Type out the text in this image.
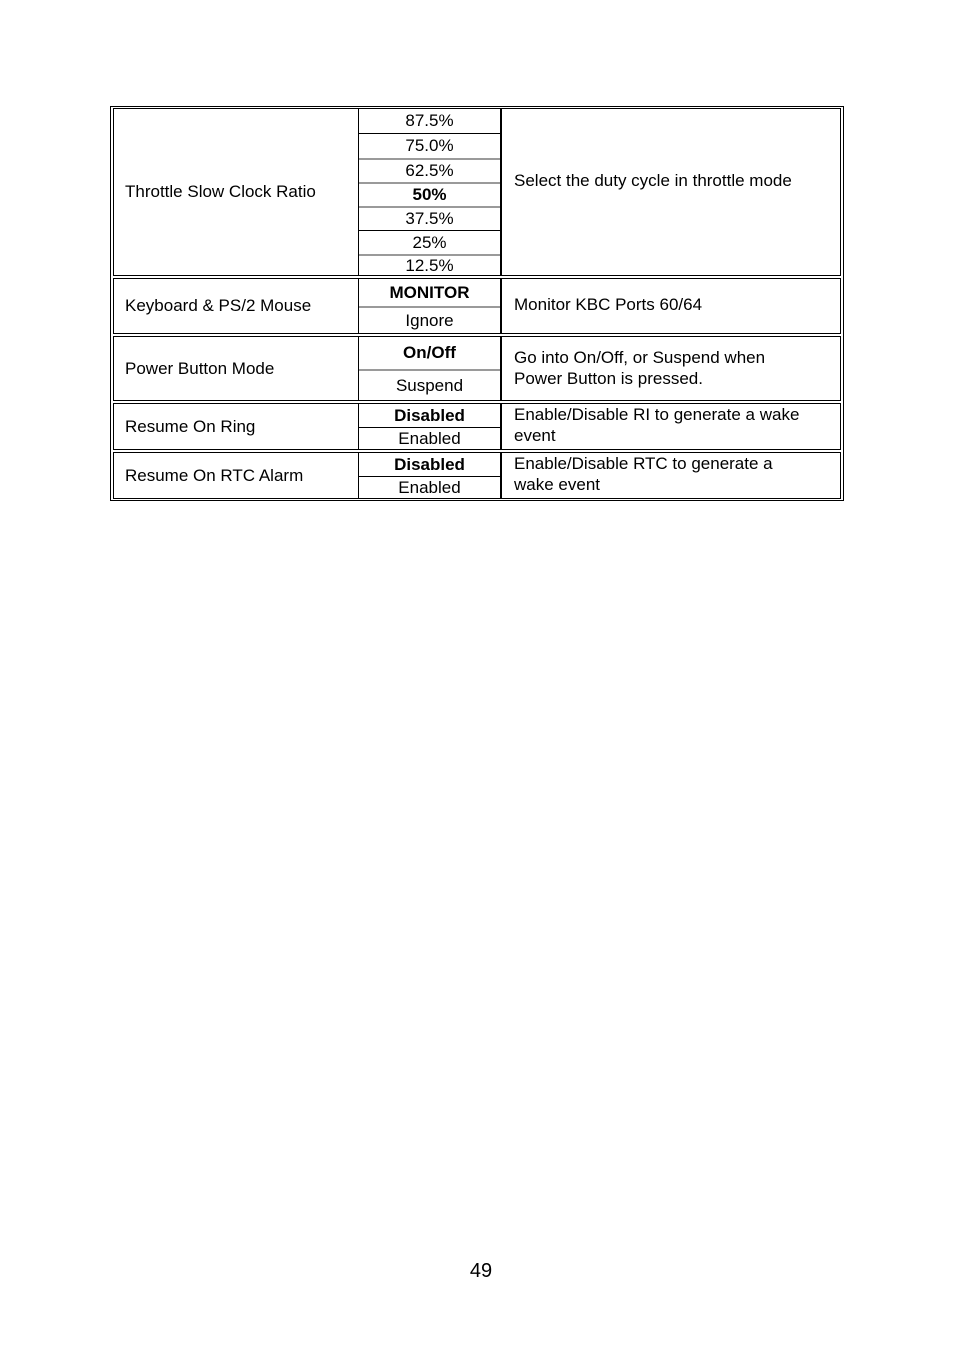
Throttle Slow Clock Ratio
87.5%
75.0%
62.5%
50%
37.5%
25%
12.5%
Select the duty cycle in throttle mode
Keyboard & PS/2 Mouse
MONITOR
Ignore
Monitor KBC Ports 60/64
Power Button Mode
On/Off
Suspend
Go into On/Off, or Suspend when
Power Button is pressed.
Resume On Ring
Disabled
Enabled
Enable/Disable RI to generate a wake
event
Resume On RTC Alarm
Disabled
Enabled
Enable/Disable RTC to generate a
wake event
49
